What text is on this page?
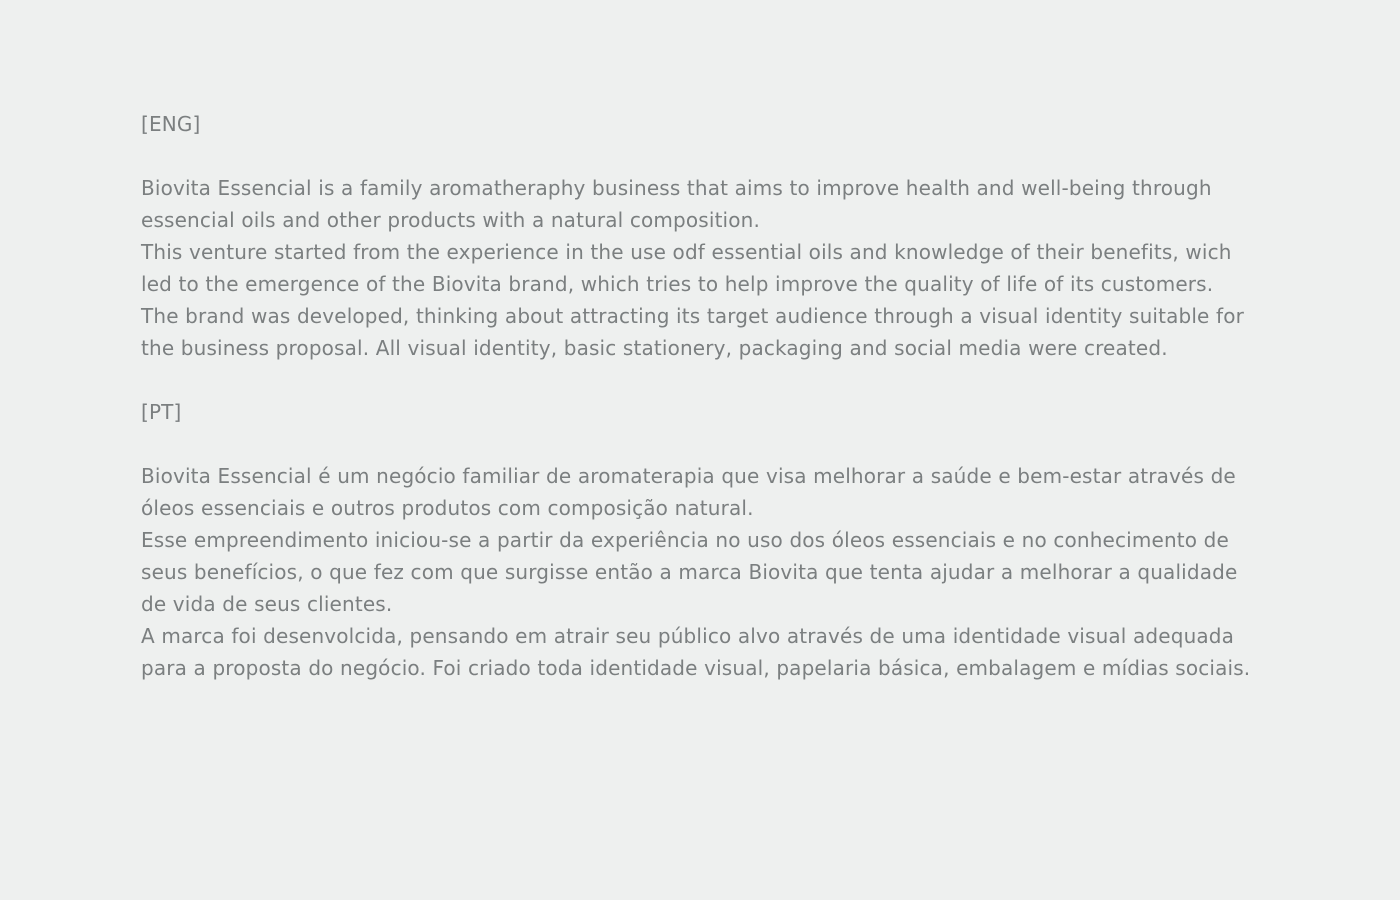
[ENG]

Biovita Essencial is a family aromatheraphy business that aims to improve health and well-being through essencial oils and other products with a natural composition.

This venture started from the experience in the use odf essential oils and knowledge of their benefits, wich led to the emergence of the Biovita brand, which tries to help improve the quality of life of its customers.

The brand was developed, thinking about attracting its target audience through a visual identity suitable for the business proposal. All visual identity, basic stationery, packaging and social media were created.

[PT]

Biovita Essencial é um negócio familiar de aromaterapia que visa melhorar a saúde e bem-estar através de óleos essenciais e outros produtos com composição natural.

Esse empreendimento iniciou-se a partir da experiência no uso dos óleos essenciais e no conhecimento de seus benefícios, o que fez com que surgisse então a marca Biovita que tenta ajudar a melhorar a qualidade de vida de seus clientes.

A marca foi desenvolcida, pensando em atrair seu público alvo através de uma identidade visual adequada para a proposta do negócio. Foi criado toda identidade visual, papelaria básica, embalagem e mídias sociais.
